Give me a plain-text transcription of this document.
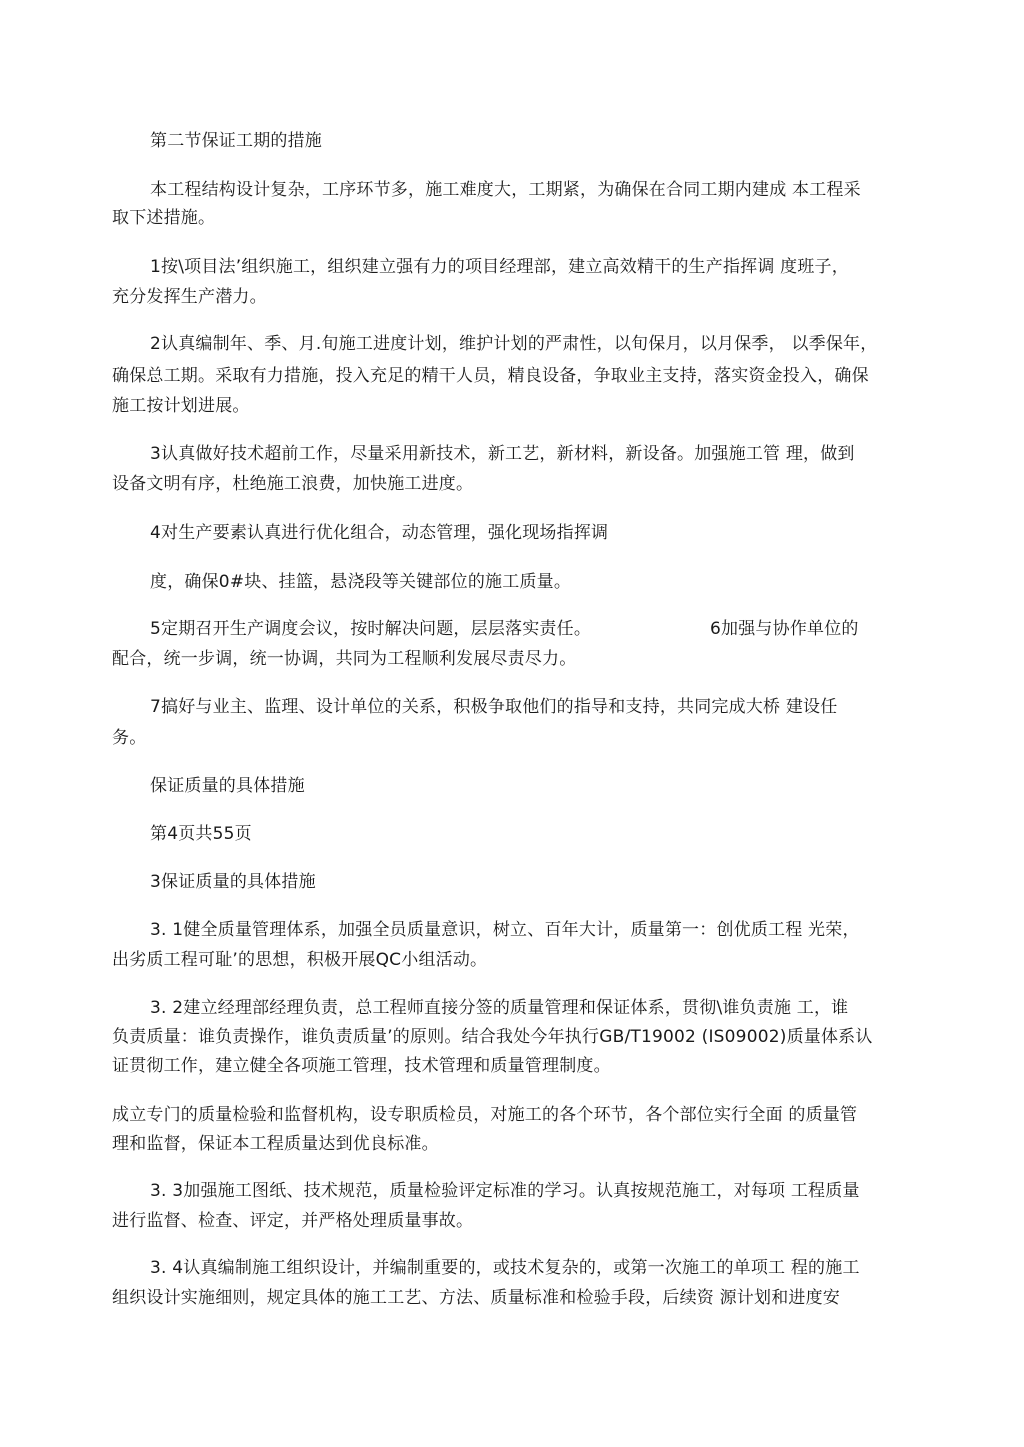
第二节保证工期的措施
本工程结构设计复杂，工序环节多，施工难度大，工期紧，为确保在合同工期内建成 本工程采
取下述措施。
1按\项目法’组织施工，组织建立强有力的项目经理部，建立高效精干的生产指挥调 度班子，
充分发挥生产潜力。
2认真编制年、季、月.旬施工进度计划，维护计划的严肃性，以旬保月，以月保季， 以季保年，
确保总工期。采取有力措施，投入充足的精干人员，精良设备，争取业主支持，落实资金投入，确保
施工按计划进展。
3认真做好技术超前工作，尽量采用新技术，新工艺，新材料，新设备。加强施工管 理，做到
设备文明有序，杜绝施工浪费，加快施工进度。
4对生产要素认真进行优化组合，动态管理，强化现场指挥调
度，确保0#块、挂篮，悬浇段等关键部位的施工质量。
5定期召开生产调度会议，按时解决问题，层层落实责任。	6加强与协作单位的
配合，统一步调，统一协调，共同为工程顺利发展尽责尽力。
7搞好与业主、监理、设计单位的关系，积极争取他们的指导和支持，共同完成大桥 建设任
务。
保证质量的具体措施
第4页共55页
3保证质量的具体措施
3. 1健全质量管理体系，加强全员质量意识，树立、百年大计，质量第一：创优质工程 光荣，
出劣质工程可耻’的思想，积极开展QC小组活动。
3. 2建立经理部经理负责，总工程师直接分签的质量管理和保证体系，贯彻\谁负责施 工，谁
负责质量：谁负责操作，谁负责质量’的原则。结合我处今年执行GB/T19002 (IS09002)质量体系认
证贯彻工作，建立健全各项施工管理，技术管理和质量管理制度。
成立专门的质量检验和监督机构，设专职质检员，对施工的各个环节，各个部位实行全面 的质量管
理和监督，保证本工程质量达到优良标准。
3. 3加强施工图纸、技术规范，质量检验评定标准的学习。认真按规范施工，对每项 工程质量
进行监督、检查、评定，并严格处理质量事故。
3. 4认真编制施工组织设计，并编制重要的，或技术复杂的，或第一次施工的单项工 程的施工
组织设计实施细则，规定具体的施工工艺、方法、质量标准和检验手段，后续资 源计划和进度安
